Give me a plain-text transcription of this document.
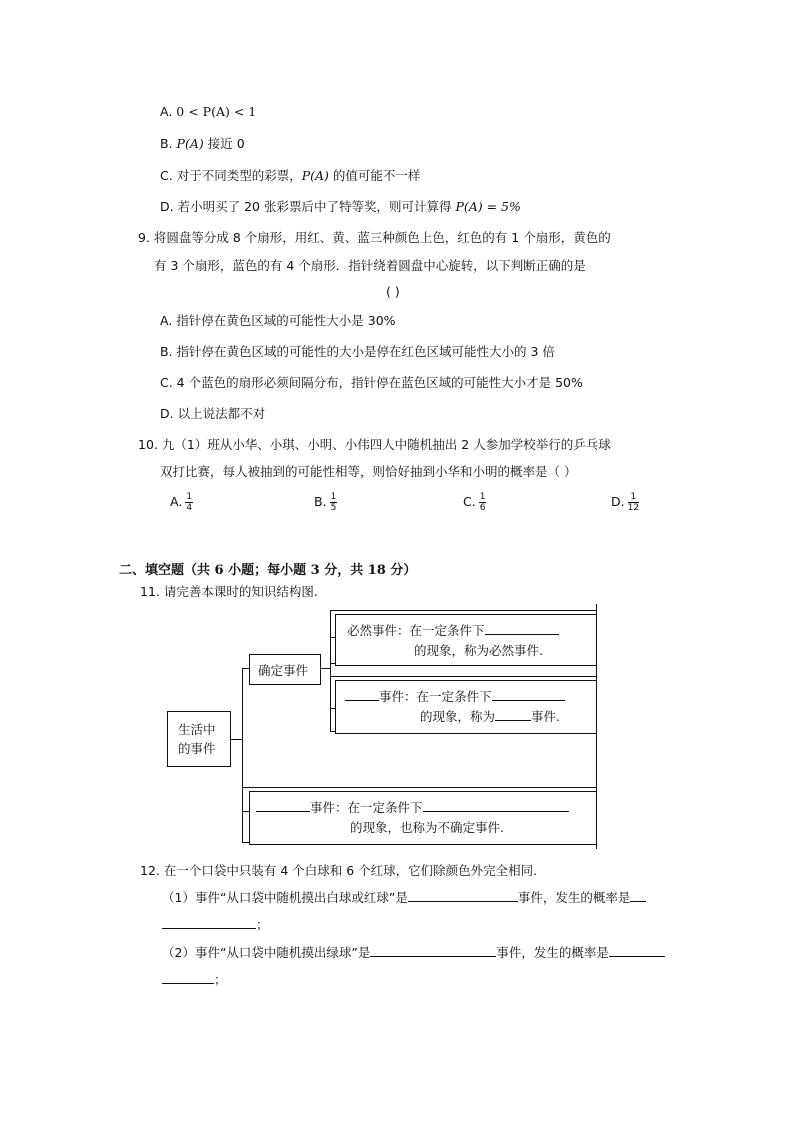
A. 0 < P(A) < 1
B. P(A) 接近 0
C. 对于不同类型的彩票，P(A) 的值可能不一样
D. 若小明买了 20 张彩票后中了特等奖，则可计算得 P(A) = 5%
9. 将圆盘等分成 8 个扇形，用红、黄、蓝三种颜色上色，红色的有 1 个扇形，黄色的
有 3 个扇形，蓝色的有 4 个扇形．指针绕着圆盘中心旋转，以下判断正确的是
( )
A. 指针停在黄色区域的可能性大小是 30%
B. 指针停在黄色区域的可能性的大小是停在红色区域可能性大小的 3 倍
C. 4 个蓝色的扇形必须间隔分布，指针停在蓝色区域的可能性大小才是 50%
D. 以上说法都不对
10. 九（1）班从小华、小琪、小明、小伟四人中随机抽出 2 人参加学校举行的乒乓球
双打比赛，每人被抽到的可能性相等，则恰好抽到小华和小明的概率是（ ）
A. $\frac{1}{4}$	B. $\frac{1}{5}$	C. $\frac{1}{6}$	D. $\frac{1}{12}$
二、填空题（共 6 小题；每小题 3 分，共 18 分）
11. 请完善本课时的知识结构图.
生活中
的事件
确定事件
必然事件：在一定条件下
的现象，称为必然事件.
事件：在一定条件下
的现象，称为	事件.
事件：在一定条件下
的现象，也称为不确定事件.
12. 在一个口袋中只装有 4 个白球和 6 个红球，它们除颜色外完全相同.
（1）事件“从口袋中随机摸出白球或红球”是	事件，发生的概率是
；
（2）事件“从口袋中随机摸出绿球”是	事件，发生的概率是
；
